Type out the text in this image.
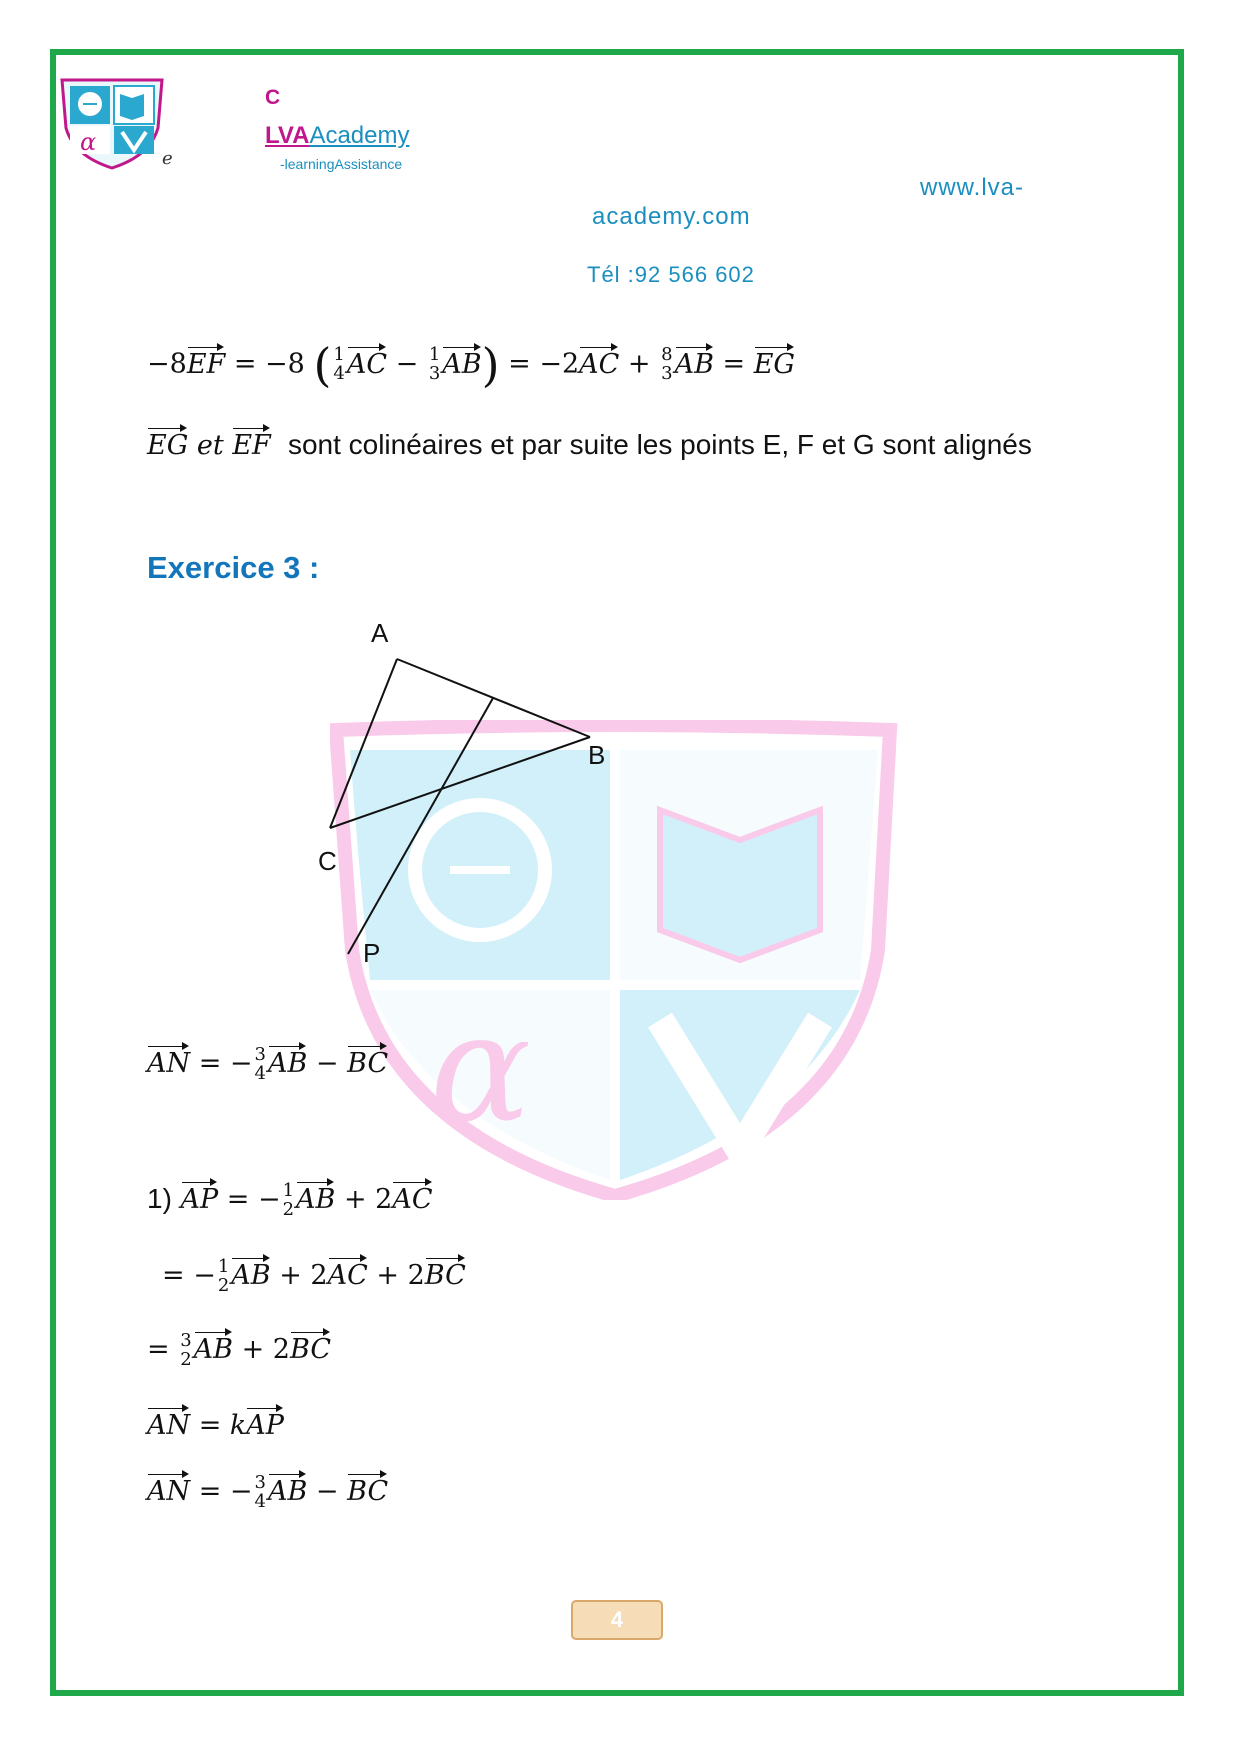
α
e
C
LVAAcademy
-learningAssistance
www.lva-
academy.com
Tél :92 566 602
α
−8EF = −8 ( 1
4 AC − 1
3 AB) = −2AC + 8
3 AB = EG
EG et EF sont colinéaires et par suite les points E, F et G sont alignés
Exercice 3 :
A
B
C
P
AN = − 3
4 AB − BC
1) AP = − 1
2 AB + 2AC
= − 1
2 AB + 2AC + 2BC
= 3
2 AB + 2BC
AN = kAP
AN = − 3
4 AB − BC
4
